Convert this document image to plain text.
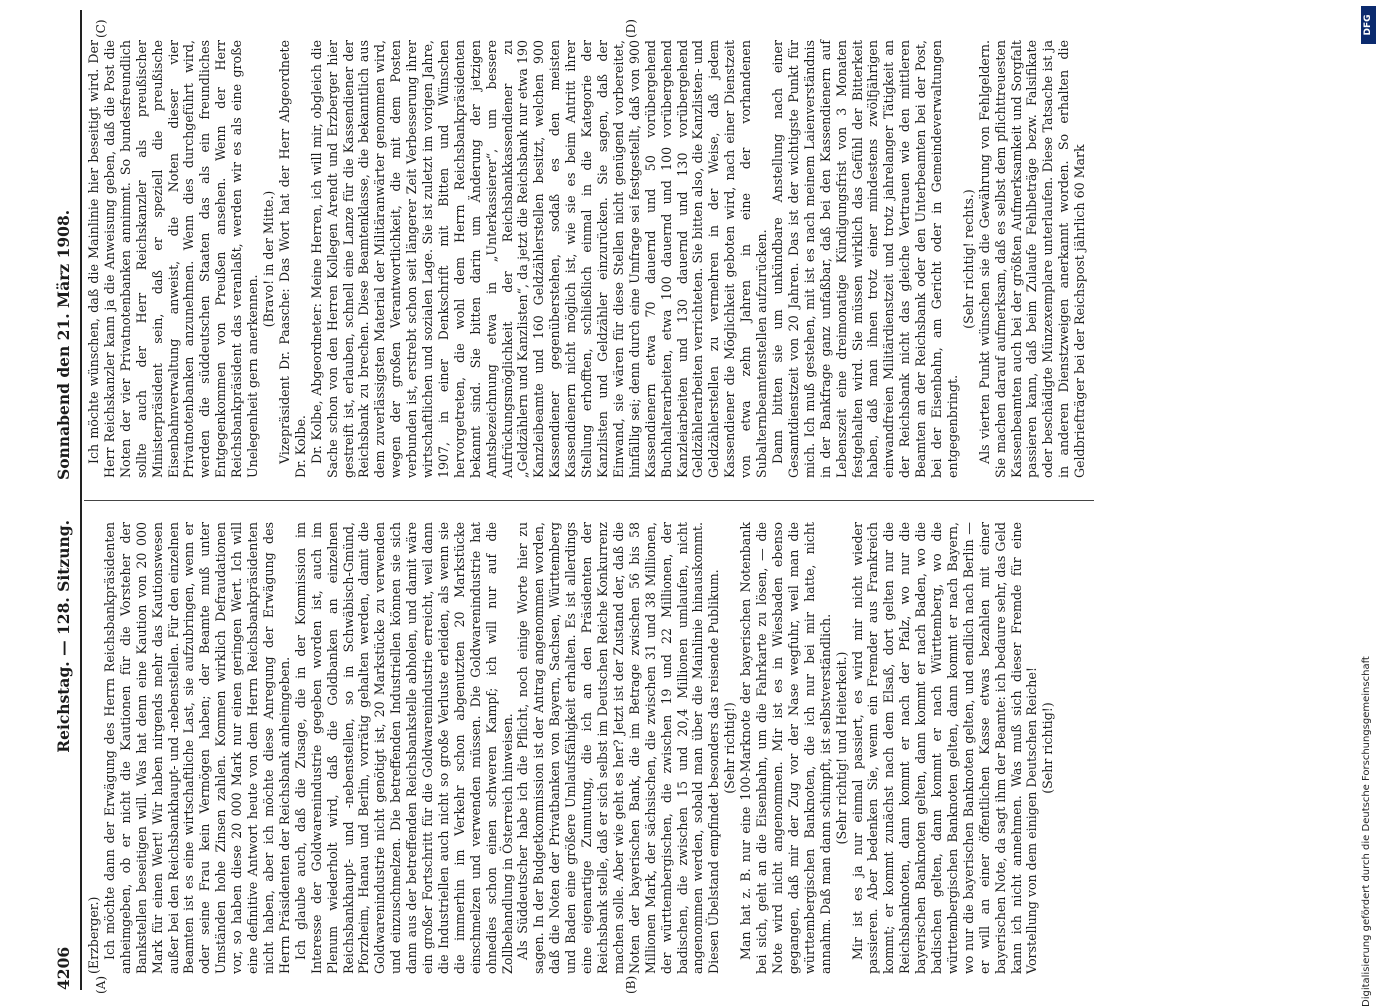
4206
Reichstag. — 128. Sitzung.
Sonnabend den 21. März 1908.
(A)	(B)
(C)	(D)

(Erzberger.) Ich möchte dann der Erwägung des Herrn Reichsbankpräsidenten anheimgeben, ob er nicht die Kautionen für die Vorsteher der Bankstellen beseitigen will. Was hat denn eine Kaution von 20 000 Mark für einen Wert! Wir haben nirgends mehr das Kautionswesen außer bei den Reichsbankhaupt- und -nebenstellen. Für den einzelnen Beamten ist es eine wirtschaftliche Last, sie aufzubringen, wenn er oder seine Frau kein Vermögen haben; der Beamte muß unter Umständen hohe Zinsen zahlen. Kommen wirklich Defraudationen vor, so haben diese 20 000 Mark nur einen geringen Wert. Ich will eine definitive Antwort heute von dem Herrn Reichsbankpräsidenten nicht haben, aber ich möchte diese Anregung der Erwägung des Herrn Präsidenten der Reichsbank anheimgeben. Ich glaube auch, daß die Zusage, die in der Kommission im Interesse der Goldwarenindustrie gegeben worden ist, auch im Plenum wiederholt wird, daß die Goldbanken an einzelnen Reichsbankhaupt- und -nebenstellen, so in Schwäbisch-Gmünd, Pforzheim, Hanau und Berlin, vorrätig gehalten werden, damit die Goldwarenindustrie nicht genötigt ist, 20 Markstücke zu verwenden und einzuschmelzen. Die betreffenden Industriellen können sie sich dann aus der betreffenden Reichsbankstelle abholen, und damit wäre ein großer Fortschritt für die Goldwarenindustrie erreicht, weil dann die Industriellen auch nicht so große Verluste erleiden, als wenn sie die immerhin im Verkehr schon abgenutzten 20 Markstücke einschmelzen und verwenden müssen. Die Goldwarenindustrie hat ohnedies schon einen schweren Kampf; ich will nur auf die Zollbehandlung in Österreich hinweisen. Als Süddeutscher habe ich die Pflicht, noch einige Worte hier zu sagen. In der Budgetkommission ist der Antrag angenommen worden, daß die Noten der Privatbanken von Bayern, Sachsen, Württemberg und Baden eine größere Umlaufsfähigkeit erhalten. Es ist allerdings eine eigenartige Zumutung, die ich an den Präsidenten der Reichsbank stelle, daß er sich selbst im Deutschen Reiche Konkurrenz machen solle. Aber wie geht es her? Jetzt ist der Zustand der, daß die Noten der bayerischen Bank, die im Betrage zwischen 56 bis 58 Millionen Mark, der sächsischen, die zwischen 31 und 38 Millionen, der württembergischen, die zwischen 19 und 22 Millionen, der badischen, die zwischen 15 und 20,4 Millionen umlaufen, nicht angenommen werden, sobald man über die Mainlinie hinauskommt. Diesen Übelstand empfindet besonders das reisende Publikum. (Sehr richtig!) Man hat z. B. nur eine 100-Marknote der bayerischen Notenbank bei sich, geht an die Eisenbahn, um die Fahrkarte zu lösen, — die Note wird nicht angenommen. Mir ist es in Wiesbaden ebenso gegangen, daß mir der Zug vor der Nase wegfuhr, weil man die württembergischen Banknoten, die ich nur bei mir hatte, nicht annahm. Daß man dann schimpft, ist selbstverständlich. (Sehr richtig! und Heiterkeit.) Mir ist es ja nur einmal passiert, es wird mir nicht wieder passieren. Aber bedenken Sie, wenn ein Fremder aus Frankreich kommt; er kommt zunächst nach dem Elsaß, dort gelten nur die Reichsbanknoten, dann kommt er nach der Pfalz, wo nur die bayerischen Banknoten gelten, dann kommt er nach Baden, wo die badischen gelten, dann kommt er nach Württemberg, wo die württembergischen Banknoten gelten, dann kommt er nach Bayern, wo nur die bayerischen Banknoten gelten, und endlich nach Berlin — er will an einer öffentlichen Kasse etwas bezahlen mit einer bayerischen Note, da sagt ihm der Beamte: ich bedaure sehr, das Geld kann ich nicht annehmen. Was muß sich dieser Fremde für eine Vorstellung von dem einigen Deutschen Reiche! (Sehr richtig!)

Ich möchte wünschen, daß die Mainlinie hier beseitigt wird. Der Herr Reichskanzler kann ja die Anweisung geben, daß die Post die Noten der vier Privatnotenbanken annimmt. So bundesfreundlich sollte auch der Herr Reichskanzler als preußischer Ministerpräsident sein, daß er speziell die preußische Eisenbahnverwaltung anweist, die Noten dieser vier Privatnotenbanken anzunehmen. Wenn dies durchgeführt wird, werden die süddeutschen Staaten das als ein freundliches Entgegenkommen von Preußen ansehen. Wenn der Herr Reichsbankpräsident das veranlaßt, werden wir es als eine große Unelegenheit gern anerkennen.

(Bravo! in der Mitte.) Vizepräsident Dr. Paasche: Das Wort hat der Herr Abgeordnete Dr. Kolbe. Dr. Kolbe, Abgeordneter: Meine Herren, ich will mir, obgleich die Sache schon von den Herren Kollegen Arendt und Erzberger hier gestreift ist, erlauben, schnell eine Lanze für die Kassendiener der Reichsbank zu brechen. Diese Beamtenklasse, die bekanntlich aus dem zuverlässigsten Material der Militäranwärter genommen wird, wegen der großen Verantwortlichkeit, die mit dem Posten verbunden ist, erstrebt schon seit längerer Zeit Verbesserung ihrer wirtschaftlichen und sozialen Lage. Sie ist zuletzt im vorigen Jahre, 1907, in einer Denkschrift mit Bitten und Wünschen hervorgetreten, die wohl dem Herrn Reichsbankpräsidenten bekannt sind. Sie bitten darin um Änderung der jetzigen Amtsbezeichnung etwa in „Unterkassierer“, um bessere Aufrückungsmöglichkeit der Reichsbankkassendiener zu „Geldzählern und Kanzlisten“, da jetzt die Reichsbank nur etwa 190 Kanzleibeamte und 160 Geldzählerstellen besitzt, welchen 900 Kassendiener gegenüberstehen, sodaß es den meisten Kassendienern nicht möglich ist, wie sie es beim Antritt ihrer Stellung erhofften, schließlich einmal in die Kategorie der Kanzlisten und Geldzähler einzurücken. Sie sagen, daß der Einwand, sie wären für diese Stellen nicht genügend vorbereitet, hinfällig sei; denn durch eine Umfrage sei festgestellt, daß von 900 Kassendienern etwa 70 dauernd und 50 vorübergehend Buchhalterarbeiten, etwa 100 dauernd und 100 vorübergehend Kanzleiarbeiten und 130 dauernd und 130 vorübergehend Geldzählerarbeiten verrichteten. Sie bitten also, die Kanzlisten- und Geldzählerstellen zu vermehren in der Weise, daß jedem Kassendiener die Möglichkeit geboten wird, nach einer Dienstzeit von etwa zehn Jahren in eine der vorhandenen Subalternbeamtenstellen aufzurücken. Dann bitten sie um unkündbare Anstellung nach einer Gesamtdienstzeit von 20 Jahren. Das ist der wichtigste Punkt für mich. Ich muß gestehen, mit ist es nach meinem Laienverständnis in der Bankfrage ganz unfaßbar, daß bei den Kassendienern auf Lebenszeit eine dreimonatige Kündigungsfrist von 3 Monaten festgehalten wird. Sie müssen wirklich das Gefühl der Bitterkeit haben, daß man ihnen trotz einer mindestens zwölfjährigen einwandfreien Militärdienstzeit und trotz jahrelanger Tätigkeit an der Reichsbank nicht das gleiche Vertrauen wie den mittleren Beamten an der Reichsbank oder den Unterbeamten bei der Post, bei der Eisenbahn, am Gericht oder in Gemeindeverwaltungen entgegenbringt.

(Sehr richtig! rechts.) Als vierten Punkt wünschen sie die Gewährung von Fehlgeldern. Sie machen darauf aufmerksam, daß es selbst dem pflichttreuesten Kassenbeamten auch bei der größten Aufmerksamkeit und Sorgfalt passieren kann, daß beim Zulaufe Fehlbeträge bezw. Falsifikate oder beschädigte Münzexemplare unterlaufen. Diese Tatsache ist ja in anderen Dienstzweigen anerkannt worden. So erhalten die Geldbriefträger bei der Reichspost jährlich 60 Mark

DFG
Digitalisierung gefördert durch die Deutsche Forschungsgemeinschaft
